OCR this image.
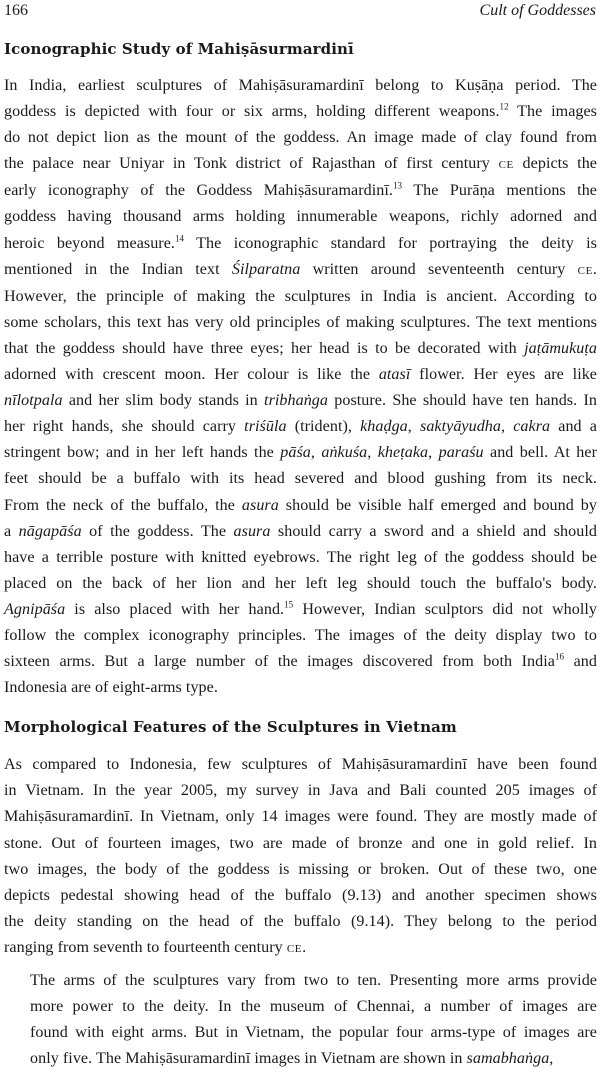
166	Cult of Goddesses
Iconographic Study of Mahiṣāsurmardinī

In India, earliest sculptures of Mahiṣāsuramardinī belong to Kuṣāṇa period. The
goddess is depicted with four or six arms, holding different weapons.$^{12}$ The images
do not depict lion as the mount of the goddess. An image made of clay found from
the palace near Uniyar in Tonk district of Rajasthan of first century CE depicts the
early iconography of the Goddess Mahiṣāsuramardinī.$^{13}$ The Purāṇa mentions the
goddess having thousand arms holding innumerable weapons, richly adorned and
heroic beyond measure.$^{14}$ The iconographic standard for portraying the deity is
mentioned in the Indian text Śilparatna written around seventeenth century CE.
However, the principle of making the sculptures in India is ancient. According to
some scholars, this text has very old principles of making sculptures. The text mentions
that the goddess should have three eyes; her head is to be decorated with jaṭāmukuṭa
adorned with crescent moon. Her colour is like the atasī flower. Her eyes are like
nīlotpala and her slim body stands in tribhaṅga posture. She should have ten hands. In
her right hands, she should carry triśūla (trident), khaḍga, saktyāyudha, cakra and a
stringent bow; and in her left hands the pāśa, aṅkuśa, kheṭaka, paraśu and bell. At her
feet should be a buffalo with its head severed and blood gushing from its neck.
From the neck of the buffalo, the asura should be visible half emerged and bound by
a nāgapāśa of the goddess. The asura should carry a sword and a shield and should
have a terrible posture with knitted eyebrows. The right leg of the goddess should be
placed on the back of her lion and her left leg should touch the buffalo's body.
Agnipāśa is also placed with her hand.$^{15}$ However, Indian sculptors did not wholly
follow the complex iconography principles. The images of the deity display two to
sixteen arms. But a large number of the images discovered from both India$^{16}$ and
Indonesia are of eight-arms type.

Morphological Features of the Sculptures in Vietnam

As compared to Indonesia, few sculptures of Mahiṣāsuramardinī have been found
in Vietnam. In the year 2005, my survey in Java and Bali counted 205 images of
Mahiṣāsuramardinī. In Vietnam, only 14 images were found. They are mostly made of
stone. Out of fourteen images, two are made of bronze and one in gold relief. In
two images, the body of the goddess is missing or broken. Out of these two, one
depicts pedestal showing head of the buffalo (9.13) and another specimen shows
the deity standing on the head of the buffalo (9.14). They belong to the period
ranging from seventh to fourteenth century CE.

The arms of the sculptures vary from two to ten. Presenting more arms provide
more power to the deity. In the museum of Chennai, a number of images are
found with eight arms. But in Vietnam, the popular four arms-type of images are
only five. The Mahiṣāsuramardinī images in Vietnam are shown in samabhaṅga,
